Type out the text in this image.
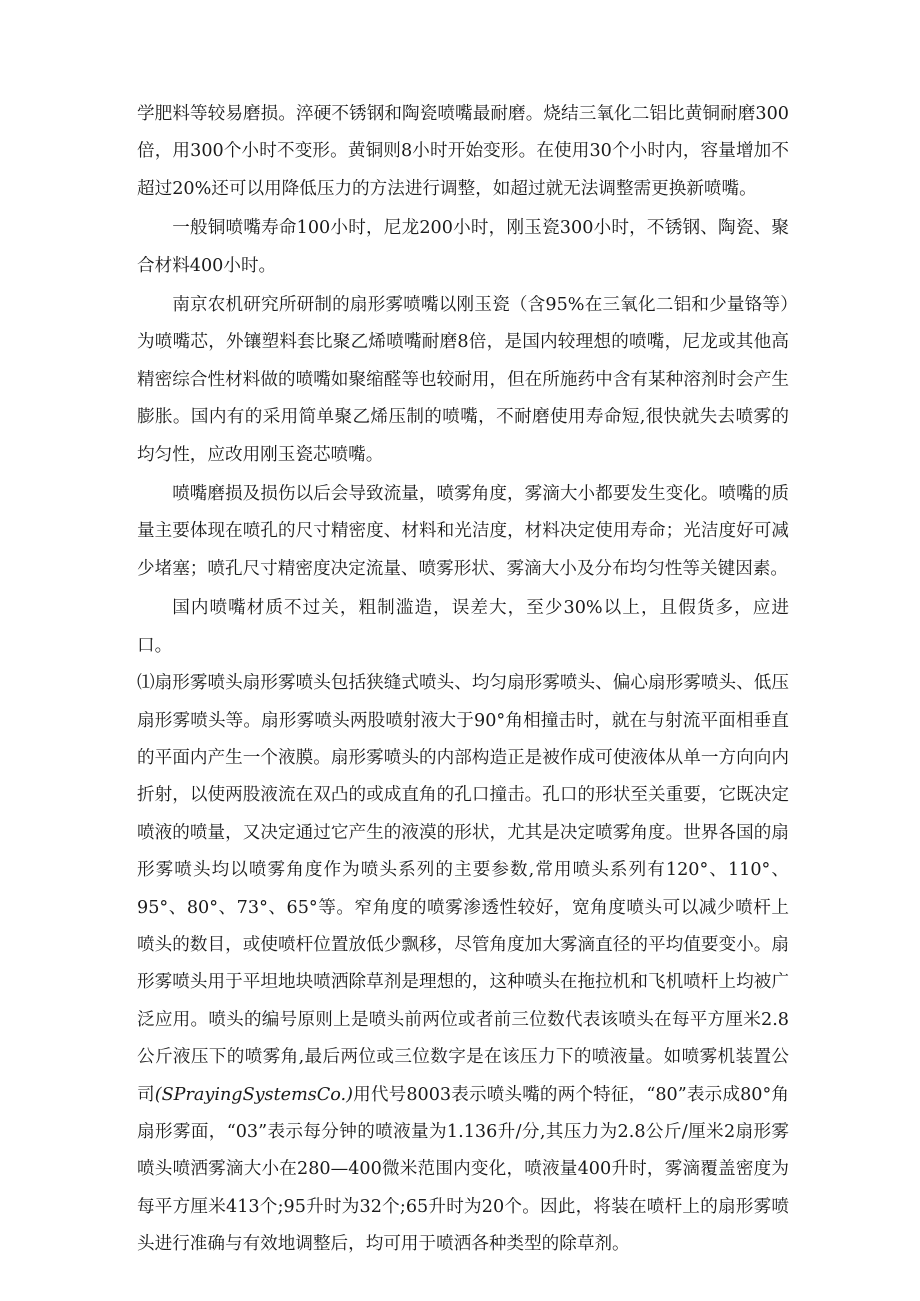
学肥料等较易磨损。淬硬不锈钢和陶瓷喷嘴最耐磨。烧结三氧化二铝比黄铜耐磨300倍，用300个小时不变形。黄铜则8小时开始变形。在使用30个小时内，容量增加不超过20%还可以用降低压力的方法进行调整，如超过就无法调整需更换新喷嘴。

一般铜喷嘴寿命100小时，尼龙200小时，刚玉瓷300小时，不锈钢、陶瓷、聚合材料400小时。

南京农机研究所研制的扇形雾喷嘴以刚玉瓷（含95%在三氧化二铝和少量铬等）为喷嘴芯，外镶塑料套比聚乙烯喷嘴耐磨8倍，是国内较理想的喷嘴，尼龙或其他高精密综合性材料做的喷嘴如聚缩醛等也较耐用，但在所施药中含有某种溶剂时会产生膨胀。国内有的采用简单聚乙烯压制的喷嘴，不耐磨使用寿命短,很快就失去喷雾的均匀性，应改用刚玉瓷芯喷嘴。

喷嘴磨损及损伤以后会导致流量，喷雾角度，雾滴大小都要发生变化。喷嘴的质量主要体现在喷孔的尺寸精密度、材料和光洁度，材料决定使用寿命；光洁度好可减少堵塞；喷孔尺寸精密度决定流量、喷雾形状、雾滴大小及分布均匀性等关键因素。

国内喷嘴材质不过关，粗制滥造，误差大，至少30%以上，且假货多，应进口。

⑴扇形雾喷头扇形雾喷头包括狭缝式喷头、均匀扇形雾喷头、偏心扇形雾喷头、低压扇形雾喷头等。扇形雾喷头两股喷射液大于90°角相撞击时，就在与射流平面相垂直的平面内产生一个液膜。扇形雾喷头的内部构造正是被作成可使液体从单一方向向内折射，以使两股液流在双凸的或成直角的孔口撞击。孔口的形状至关重要，它既决定喷液的喷量，又决定通过它产生的液漠的形状，尤其是决定喷雾角度。世界各国的扇形雾喷头均以喷雾角度作为喷头系列的主要参数,常用喷头系列有120°、110°、95°、80°、73°、65°等。窄角度的喷雾渗透性较好，宽角度喷头可以减少喷杆上喷头的数目，或使喷杆位置放低少飘移，尽管角度加大雾滴直径的平均值要变小。扇形雾喷头用于平坦地块喷洒除草剂是理想的，这种喷头在拖拉机和飞机喷杆上均被广泛应用。喷头的编号原则上是喷头前两位或者前三位数代表该喷头在每平方厘米2.8公斤液压下的喷雾角,最后两位或三位数字是在该压力下的喷液量。如喷雾机装置公司(SPrayingSystemsCo.)用代号8003表示喷头嘴的两个特征，“80”表示成80°角扇形雾面，“03”表示每分钟的喷液量为1.136升/分,其压力为2.8公斤/厘米2扇形雾喷头喷洒雾滴大小在280—400微米范围内变化，喷液量400升时，雾滴覆盖密度为每平方厘米413个;95升时为32个;65升时为20个。因此，将装在喷杆上的扇形雾喷头进行准确与有效地调整后，均可用于喷洒各种类型的除草剂。
